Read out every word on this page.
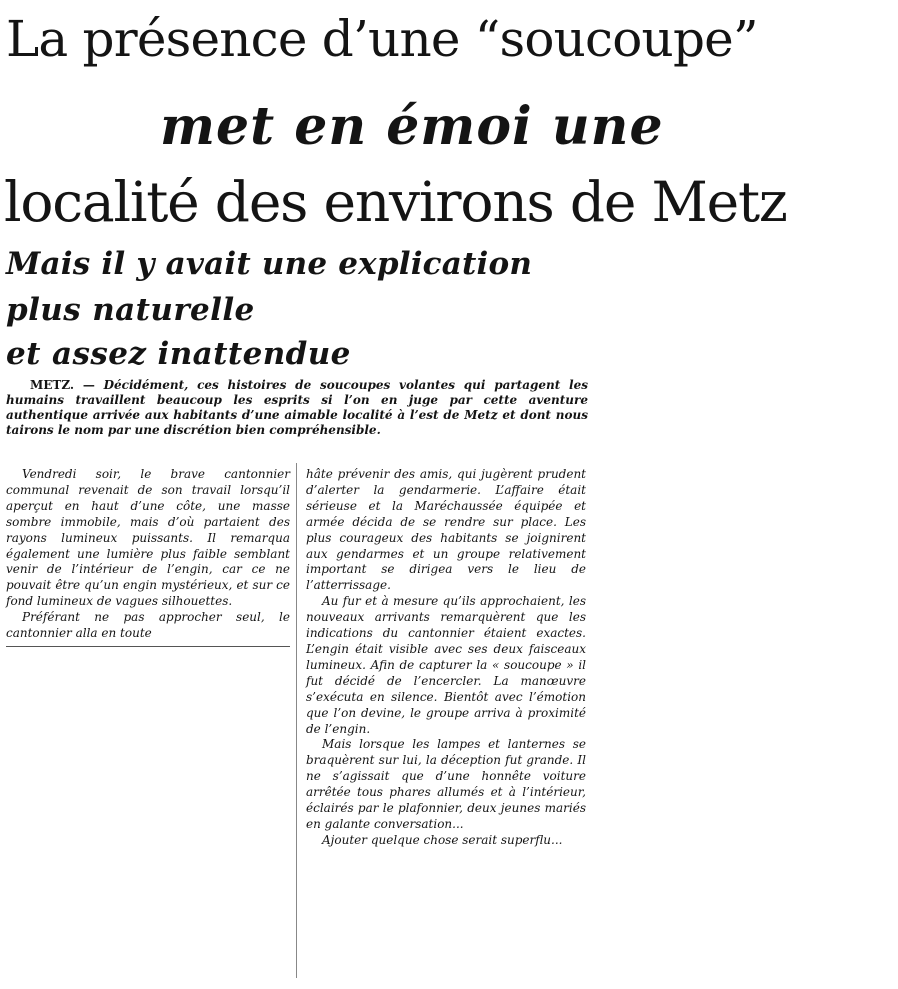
La présence d’une “soucoupe”
met en émoi une
localité des environs de Metz
Mais il y avait une explication
plus naturelle
et assez inattendue

METZ. — Décidément, ces histoires de soucoupes volantes qui partagent les humains travaillent beaucoup les esprits si l’on en juge par cette aventure authentique arrivée aux habitants d’une aimable localité à l’est de Metz et dont nous tairons le nom par une discrétion bien compréhensible.

Vendredi soir, le brave cantonnier communal revenait de son travail lorsqu’il aperçut en haut d’une côte, une masse sombre immobile, mais d’où partaient des rayons lumineux puissants. Il remarqua également une lumière plus faible semblant venir de l’intérieur de l’engin, car ce ne pouvait être qu’un engin mystérieux, et sur ce fond lumineux de vagues silhouettes.

Préférant ne pas approcher seul, le cantonnier alla en toute

hâte prévenir des amis, qui jugèrent prudent d’alerter la gendarmerie. L’affaire était sérieuse et la Maréchaussée équipée et armée décida de se rendre sur place. Les plus courageux des habitants se joignirent aux gendarmes et un groupe relativement important se dirigea vers le lieu de l’atterrissage.

Au fur et à mesure qu’ils approchaient, les nouveaux arrivants remarquèrent que les indications du cantonnier étaient exactes. L’engin était visible avec ses deux faisceaux lumineux. Afin de capturer la « soucoupe » il fut décidé de l’encercler. La manœuvre s’exécuta en silence. Bientôt avec l’émotion que l’on devine, le groupe arriva à proximité de l’engin.

Mais lorsque les lampes et lanternes se braquèrent sur lui, la déception fut grande. Il ne s’agissait que d’une honnête voiture arrêtée tous phares allumés et à l’intérieur, éclairés par le plafonnier, deux jeunes mariés en galante conversation...

Ajouter quelque chose serait superflu...
